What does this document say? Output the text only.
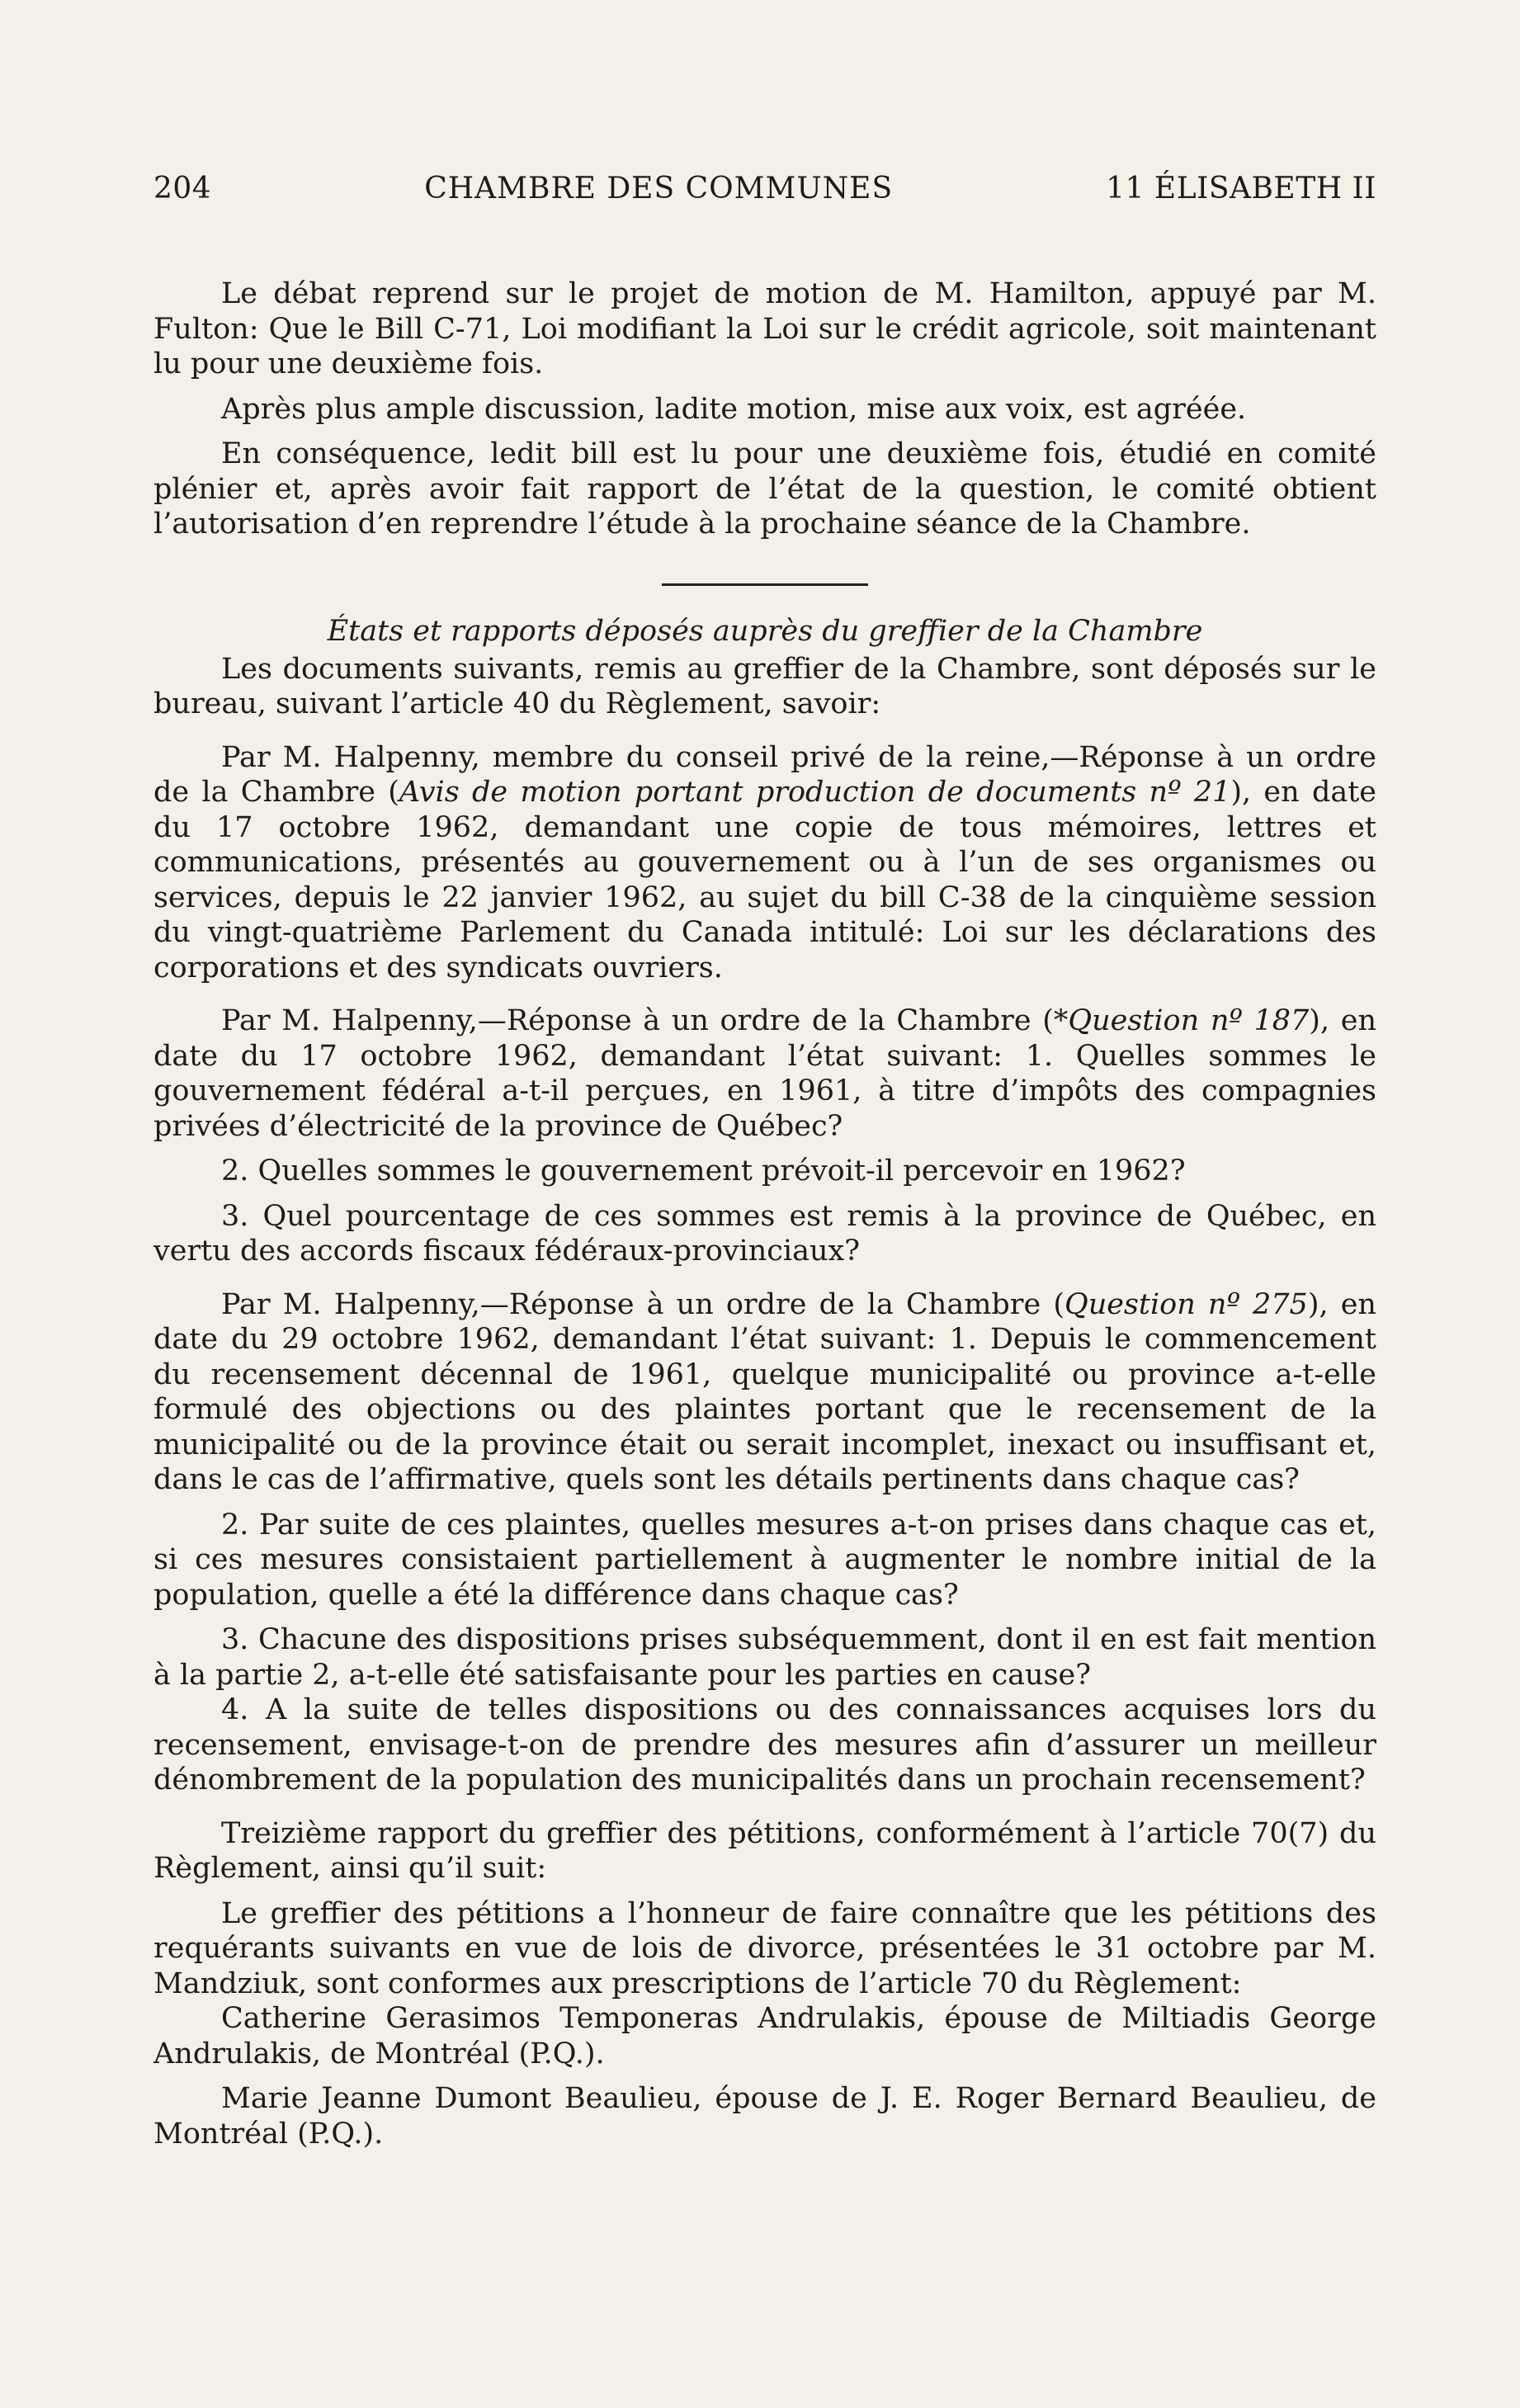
204	CHAMBRE DES COMMUNES	11 ÉLISABETH II

Le débat reprend sur le projet de motion de M. Hamilton, appuyé par M. Fulton: Que le Bill C-71, Loi modifiant la Loi sur le crédit agricole, soit maintenant lu pour une deuxième fois.

Après plus ample discussion, ladite motion, mise aux voix, est agréée.

En conséquence, ledit bill est lu pour une deuxième fois, étudié en comité plénier et, après avoir fait rapport de l’état de la question, le comité obtient l’autorisation d’en reprendre l’étude à la prochaine séance de la Chambre.

États et rapports déposés auprès du greffier de la Chambre

Les documents suivants, remis au greffier de la Chambre, sont déposés sur le bureau, suivant l’article 40 du Règlement, savoir:

Par M. Halpenny, membre du conseil privé de la reine,—Réponse à un ordre de la Chambre (Avis de motion portant production de documents nº 21), en date du 17 octobre 1962, demandant une copie de tous mémoires, lettres et communications, présentés au gouvernement ou à l’un de ses organismes ou services, depuis le 22 janvier 1962, au sujet du bill C-38 de la cinquième session du vingt-quatrième Parlement du Canada intitulé: Loi sur les déclarations des corporations et des syndicats ouvriers.

Par M. Halpenny,—Réponse à un ordre de la Chambre (*Question nº 187), en date du 17 octobre 1962, demandant l’état suivant: 1. Quelles sommes le gouvernement fédéral a-t-il perçues, en 1961, à titre d’impôts des compagnies privées d’électricité de la province de Québec?

2. Quelles sommes le gouvernement prévoit-il percevoir en 1962?

3. Quel pourcentage de ces sommes est remis à la province de Québec, en vertu des accords fiscaux fédéraux-provinciaux?

Par M. Halpenny,—Réponse à un ordre de la Chambre (Question nº 275), en date du 29 octobre 1962, demandant l’état suivant: 1. Depuis le commencement du recensement décennal de 1961, quelque municipalité ou province a-t-elle formulé des objections ou des plaintes portant que le recensement de la municipalité ou de la province était ou serait incomplet, inexact ou insuffisant et, dans le cas de l’affirmative, quels sont les détails pertinents dans chaque cas?

2. Par suite de ces plaintes, quelles mesures a-t-on prises dans chaque cas et, si ces mesures consistaient partiellement à augmenter le nombre initial de la population, quelle a été la différence dans chaque cas?

3. Chacune des dispositions prises subséquemment, dont il en est fait mention à la partie 2, a-t-elle été satisfaisante pour les parties en cause?

4. A la suite de telles dispositions ou des connaissances acquises lors du recensement, envisage-t-on de prendre des mesures afin d’assurer un meilleur dénombrement de la population des municipalités dans un prochain recensement?

Treizième rapport du greffier des pétitions, conformément à l’article 70(7) du Règlement, ainsi qu’il suit:

Le greffier des pétitions a l’honneur de faire connaître que les pétitions des requérants suivants en vue de lois de divorce, présentées le 31 octobre par M. Mandziuk, sont conformes aux prescriptions de l’article 70 du Règlement:

Catherine Gerasimos Temponeras Andrulakis, épouse de Miltiadis George Andrulakis, de Montréal (P.Q.).

Marie Jeanne Dumont Beaulieu, épouse de J. E. Roger Bernard Beaulieu, de Montréal (P.Q.).
